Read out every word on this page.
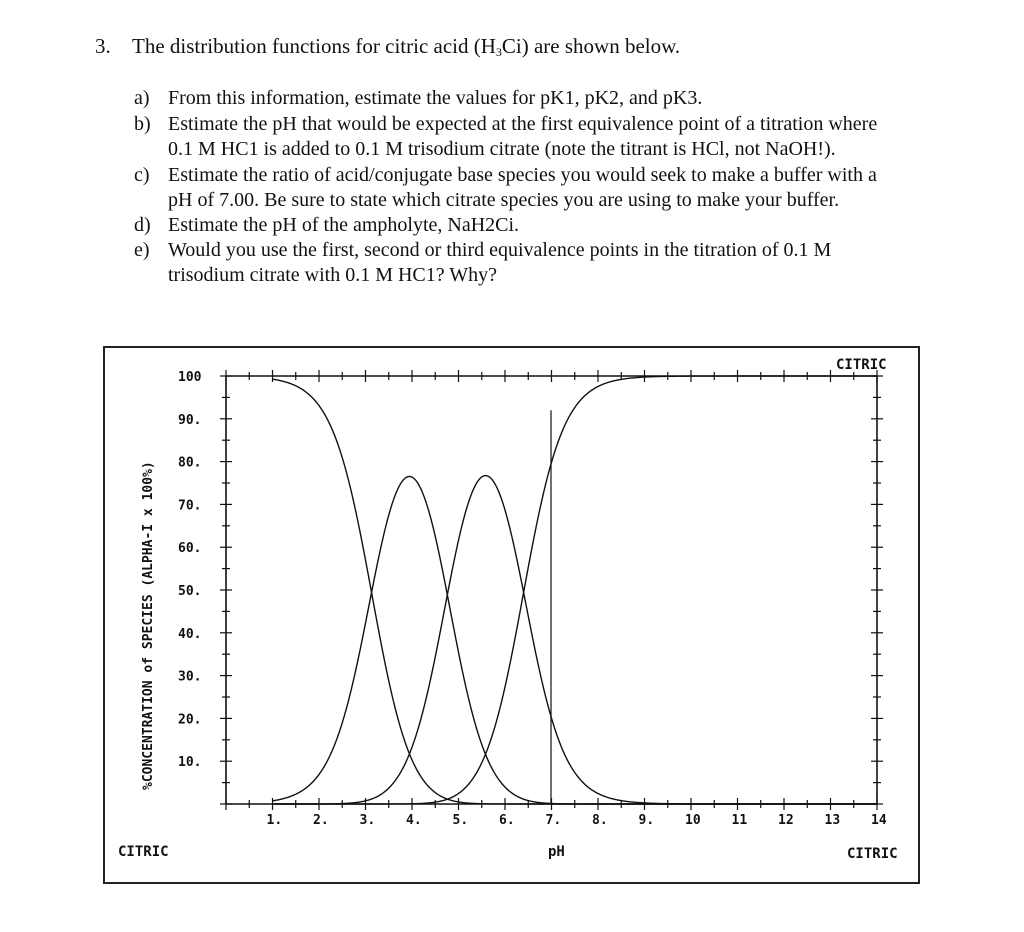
3. The distribution functions for citric acid $(H_3Ci)$ are shown below.
a) From this information, estimate the values for pK1, pK2, and pK3.
b) Estimate the pH that would be expected at the first equivalence point of a titration where
0.1 M HC1 is added to 0.1 M trisodium citrate (note the titrant is HCl, not NaOH!).
c) Estimate the ratio of acid/conjugate base species you would seek to make a buffer with a
pH of 7.00. Be sure to state which citrate species you are using to make your buffer.
d) Estimate the pH of the ampholyte, NaH2Ci.
e) Would you use the first, second or third equivalence points in the titration of 0.1 M
trisodium citrate with 0.1 M HC1? Why?
10.
20.
30.
40.
50.
60.
70.
80.
90.
100
1. 2. 3. 4. 5. 6. 7. 8. 9. 10 11 12 13 14
CITRIC
pH
CITRIC	CITRIC
%CONCENTRATION of SPECIES (ALPHA-I x 100%)
